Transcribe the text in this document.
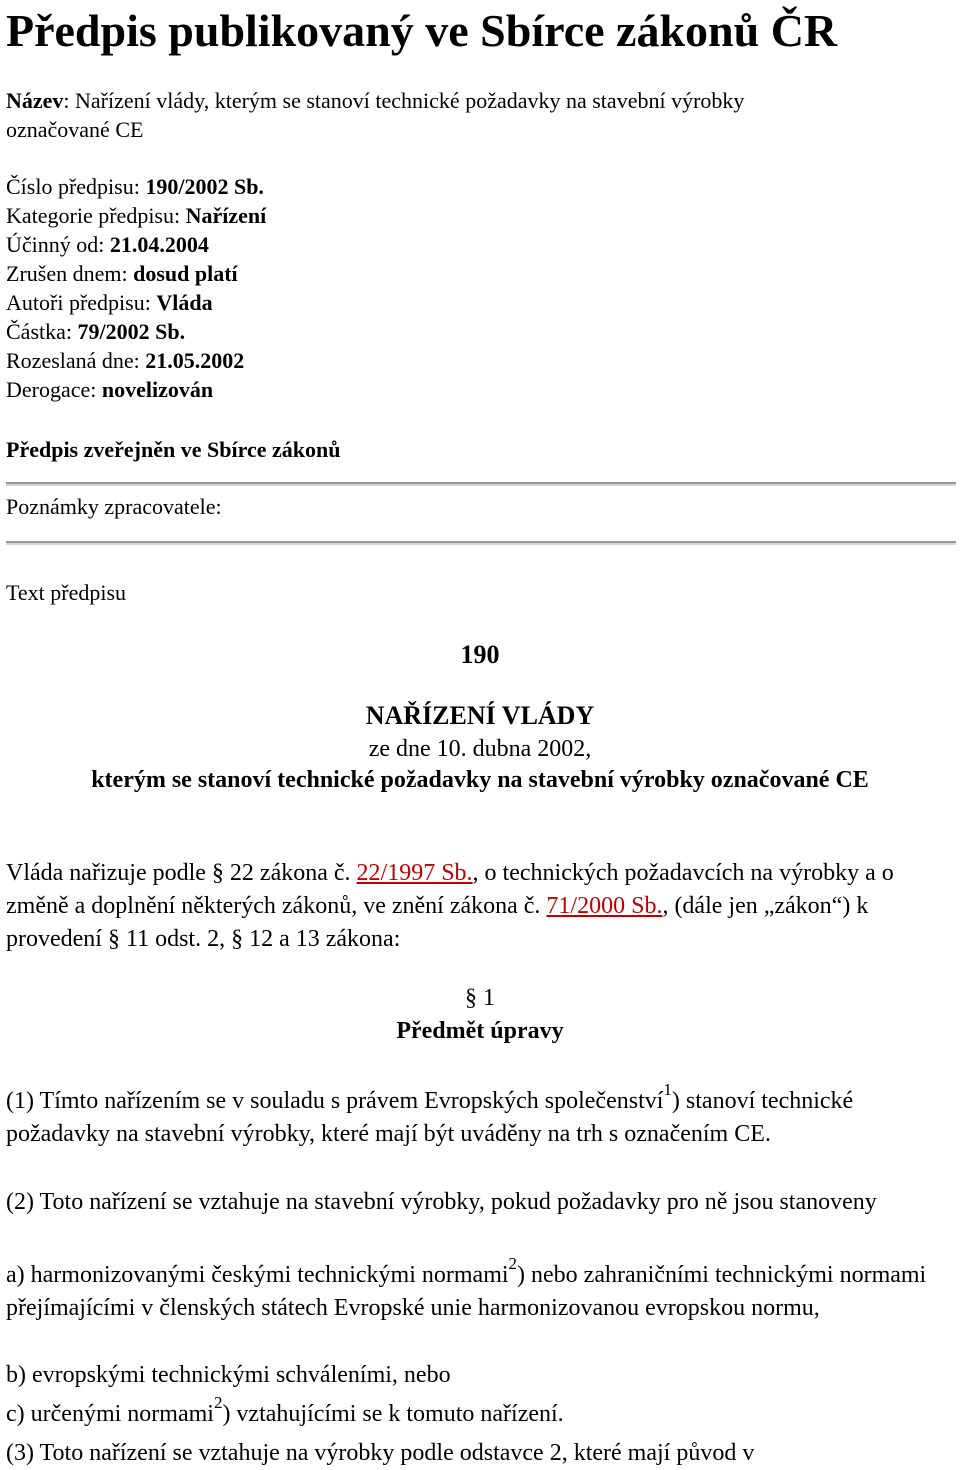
Předpis publikovaný ve Sbírce zákonů ČR
Název: Nařízení vlády, kterým se stanoví technické požadavky na stavební výrobky
označované CE
Číslo předpisu: 190/2002 Sb.
Kategorie předpisu: Nařízení
Účinný od: 21.04.2004
Zrušen dnem: dosud platí
Autoři předpisu: Vláda
Částka: 79/2002 Sb.
Rozeslaná dne: 21.05.2002
Derogace: novelizován
Předpis zveřejněn ve Sbírce zákonů
Poznámky zpracovatele:
Text předpisu
190
NAŘÍZENÍ VLÁDY
ze dne 10. dubna 2002,
kterým se stanoví technické požadavky na stavební výrobky označované CE
Vláda nařizuje podle § 22 zákona č. 22/1997 Sb., o technických požadavcích na výrobky a o změně a doplnění některých zákonů, ve znění zákona č. 71/2000 Sb., (dále jen „zákon“) k provedení § 11 odst. 2, § 12 a 13 zákona:
§ 1
Předmět úpravy
(1) Tímto nařízením se v souladu s právem Evropských společenství$^1$) stanoví technické požadavky na stavební výrobky, které mají být uváděny na trh s označením CE.
(2) Toto nařízení se vztahuje na stavební výrobky, pokud požadavky pro ně jsou stanoveny
a) harmonizovanými českými technickými normami$^2$) nebo zahraničními technickými normami přejímajícími v členských státech Evropské unie harmonizovanou evropskou normu,
b) evropskými technickými schváleními, nebo
c) určenými normami$^2$) vztahujícími se k tomuto nařízení.
(3) Toto nařízení se vztahuje na výrobky podle odstavce 2, které mají původ v
